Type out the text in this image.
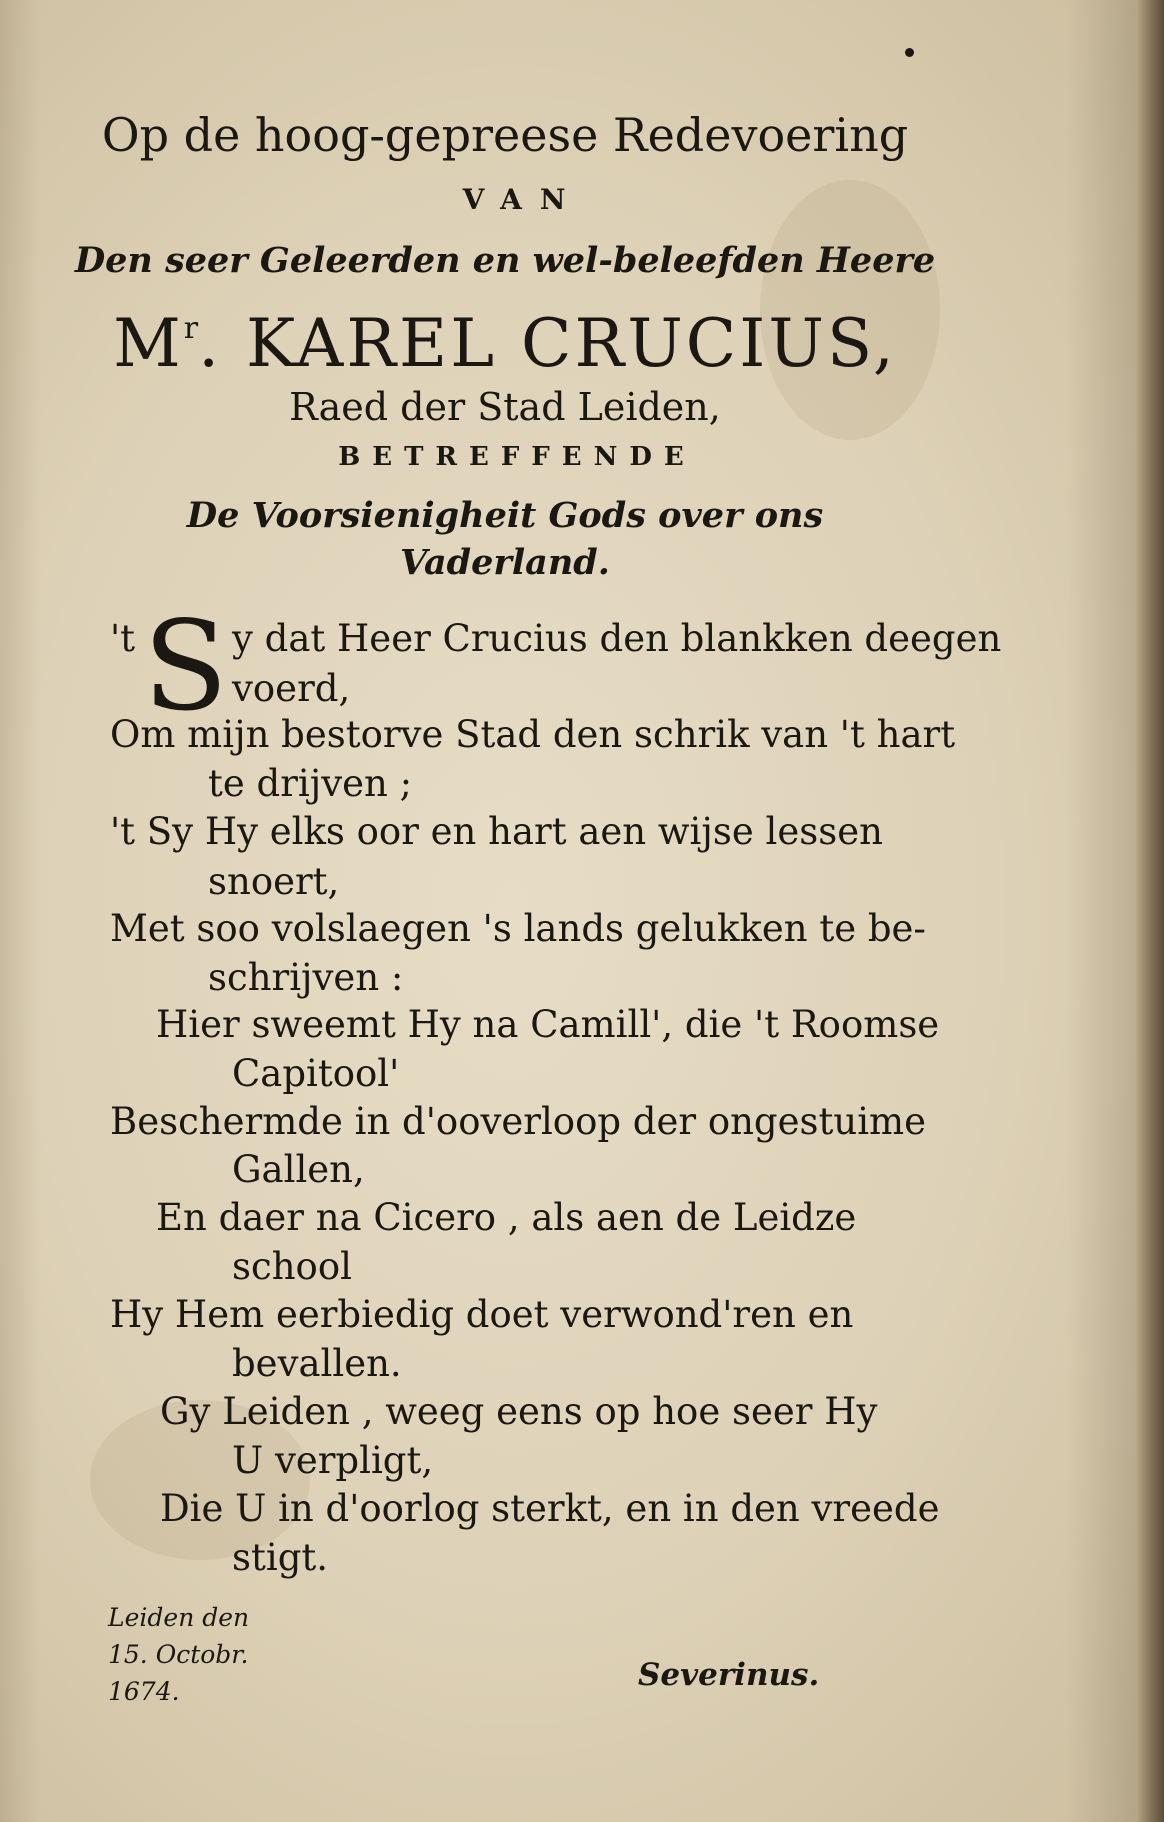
Op de hoog-gepreese Redevoering
VAN
Den seer Geleerden en wel-beleefden Heere
$M^r$. KAREL CRUCIUS,
Raed der Stad Leiden,
BETREFFENDE
De Voorsienigheit Gods over ons
Vaderland.
't S y dat Heer Crucius den blankken deegen
voerd,
Om mijn bestorve Stad den schrik van 't hart
te drijven ;
't Sy Hy elks oor en hart aen wijse lessen
snoert,
Met soo volslaegen 's lands gelukken te be-
schrijven :
Hier sweemt Hy na Camill', die 't Roomse
Capitool'
Beschermde in d'ooverloop der ongestuime
Gallen,
En daer na Cicero , als aen de Leidze
school
Hy Hem eerbiedig doet verwond'ren en
bevallen.
Gy Leiden , weeg eens op hoe seer Hy
U verpligt,
Die U in d'oorlog sterkt, en in den vreede
stigt.
Leiden den
15. Octobr.
1674.	Severinus.
